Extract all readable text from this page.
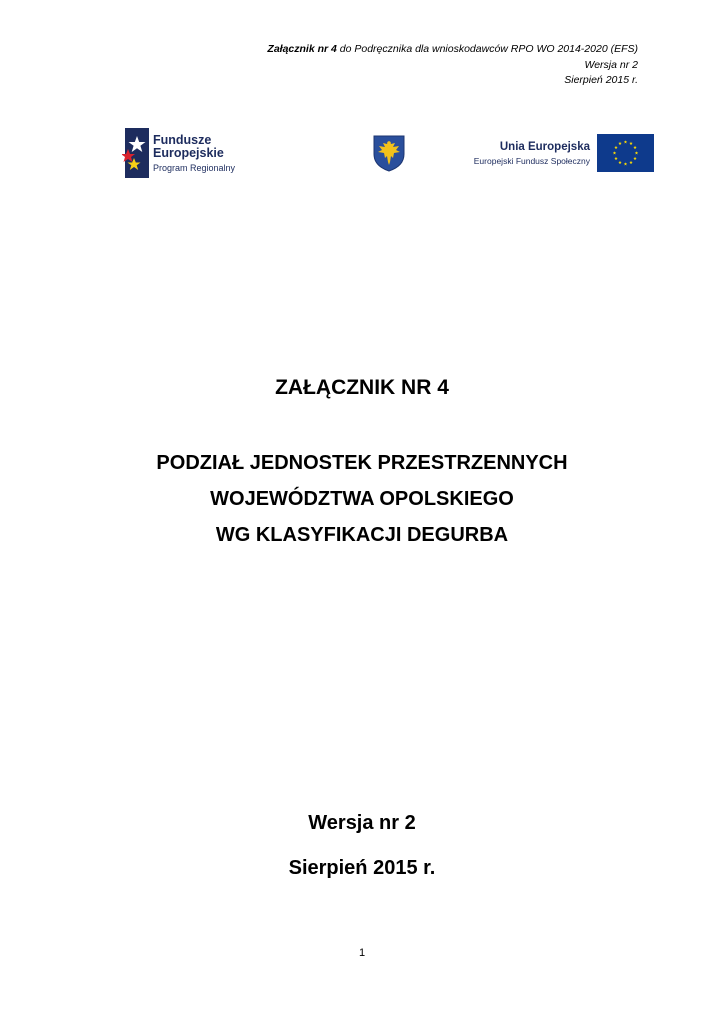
Załącznik nr 4 do Podręcznika dla wnioskodawców RPO WO 2014-2020 (EFS)
Wersja nr 2
Sierpień 2015 r.
Fundusze
Europejskie
Program Regionalny
Unia Europejska
Europejski Fundusz Społeczny
ZAŁĄCZNIK NR 4
PODZIAŁ JEDNOSTEK PRZESTRZENNYCH
WOJEWÓDZTWA OPOLSKIEGO
WG KLASYFIKACJI DEGURBA
Wersja nr 2
Sierpień 2015 r.
1
